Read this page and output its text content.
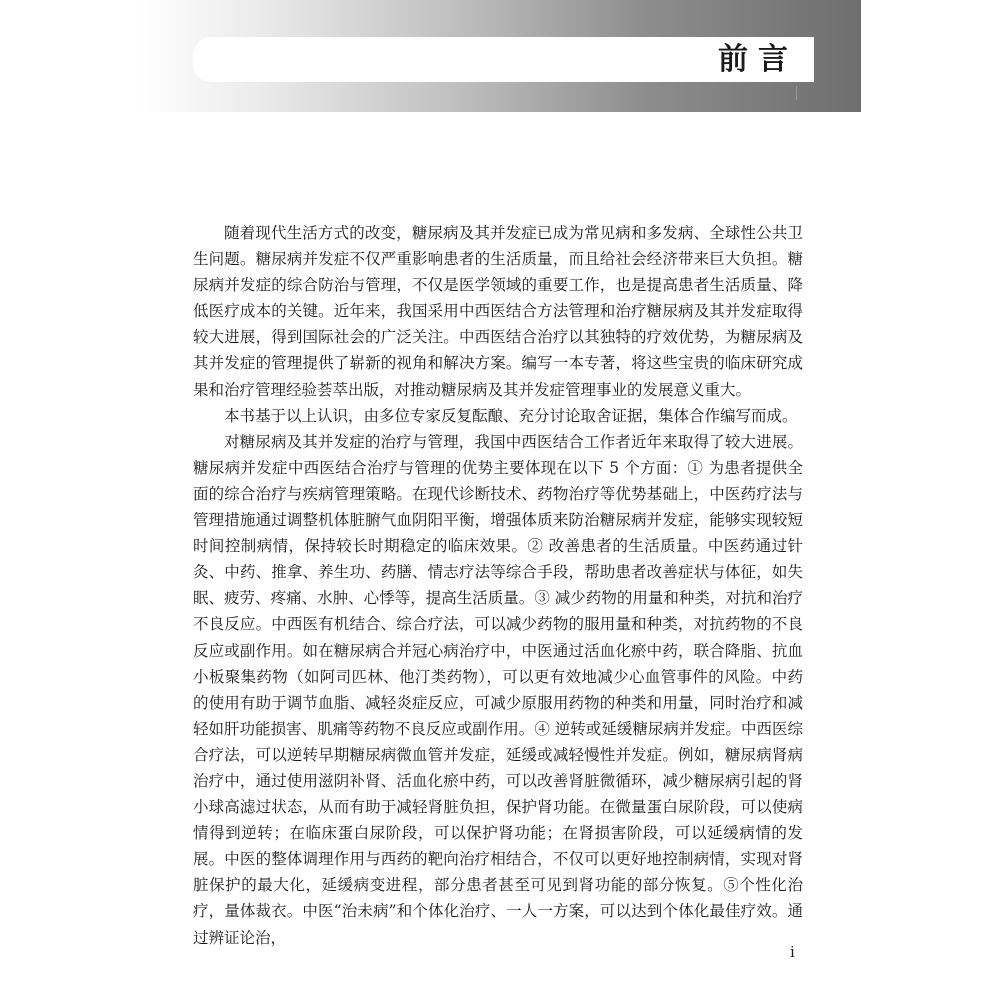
前言

随着现代生活方式的改变，糖尿病及其并发症已成为常见病和多发病、全球性公共卫生问题。糖尿病并发症不仅严重影响患者的生活质量，而且给社会经济带来巨大负担。糖尿病并发症的综合防治与管理，不仅是医学领域的重要工作，也是提高患者生活质量、降低医疗成本的关键。近年来，我国采用中西医结合方法管理和治疗糖尿病及其并发症取得较大进展，得到国际社会的广泛关注。中西医结合治疗以其独特的疗效优势，为糖尿病及其并发症的管理提供了崭新的视角和解决方案。编写一本专著，将这些宝贵的临床研究成果和治疗管理经验荟萃出版，对推动糖尿病及其并发症管理事业的发展意义重大。

本书基于以上认识，由多位专家反复酝酿、充分讨论取舍证据，集体合作编写而成。

对糖尿病及其并发症的治疗与管理，我国中西医结合工作者近年来取得了较大进展。糖尿病并发症中西医结合治疗与管理的优势主要体现在以下 5 个方面：① 为患者提供全面的综合治疗与疾病管理策略。在现代诊断技术、药物治疗等优势基础上，中医药疗法与管理措施通过调整机体脏腑气血阴阳平衡，增强体质来防治糖尿病并发症，能够实现较短时间控制病情，保持较长时期稳定的临床效果。② 改善患者的生活质量。中医药通过针灸、中药、推拿、养生功、药膳、情志疗法等综合手段，帮助患者改善症状与体征，如失眠、疲劳、疼痛、水肿、心悸等，提高生活质量。③ 减少药物的用量和种类，对抗和治疗不良反应。中西医有机结合、综合疗法，可以减少药物的服用量和种类，对抗药物的不良反应或副作用。如在糖尿病合并冠心病治疗中，中医通过活血化瘀中药，联合降脂、抗血小板聚集药物（如阿司匹林、他汀类药物），可以更有效地减少心血管事件的风险。中药的使用有助于调节血脂、减轻炎症反应，可减少原服用药物的种类和用量，同时治疗和减轻如肝功能损害、肌痛等药物不良反应或副作用。④ 逆转或延缓糖尿病并发症。中西医综合疗法，可以逆转早期糖尿病微血管并发症，延缓或减轻慢性并发症。例如，糖尿病肾病治疗中，通过使用滋阴补肾、活血化瘀中药，可以改善肾脏微循环，减少糖尿病引起的肾小球高滤过状态，从而有助于减轻肾脏负担，保护肾功能。在微量蛋白尿阶段，可以使病情得到逆转；在临床蛋白尿阶段，可以保护肾功能；在肾损害阶段，可以延缓病情的发展。中医的整体调理作用与西药的靶向治疗相结合，不仅可以更好地控制病情，实现对肾脏保护的最大化，延缓病变进程，部分患者甚至可见到肾功能的部分恢复。⑤个性化治疗，量体裁衣。中医“治未病”和个体化治疗、一人一方案，可以达到个体化最佳疗效。通过辨证论治，

i
